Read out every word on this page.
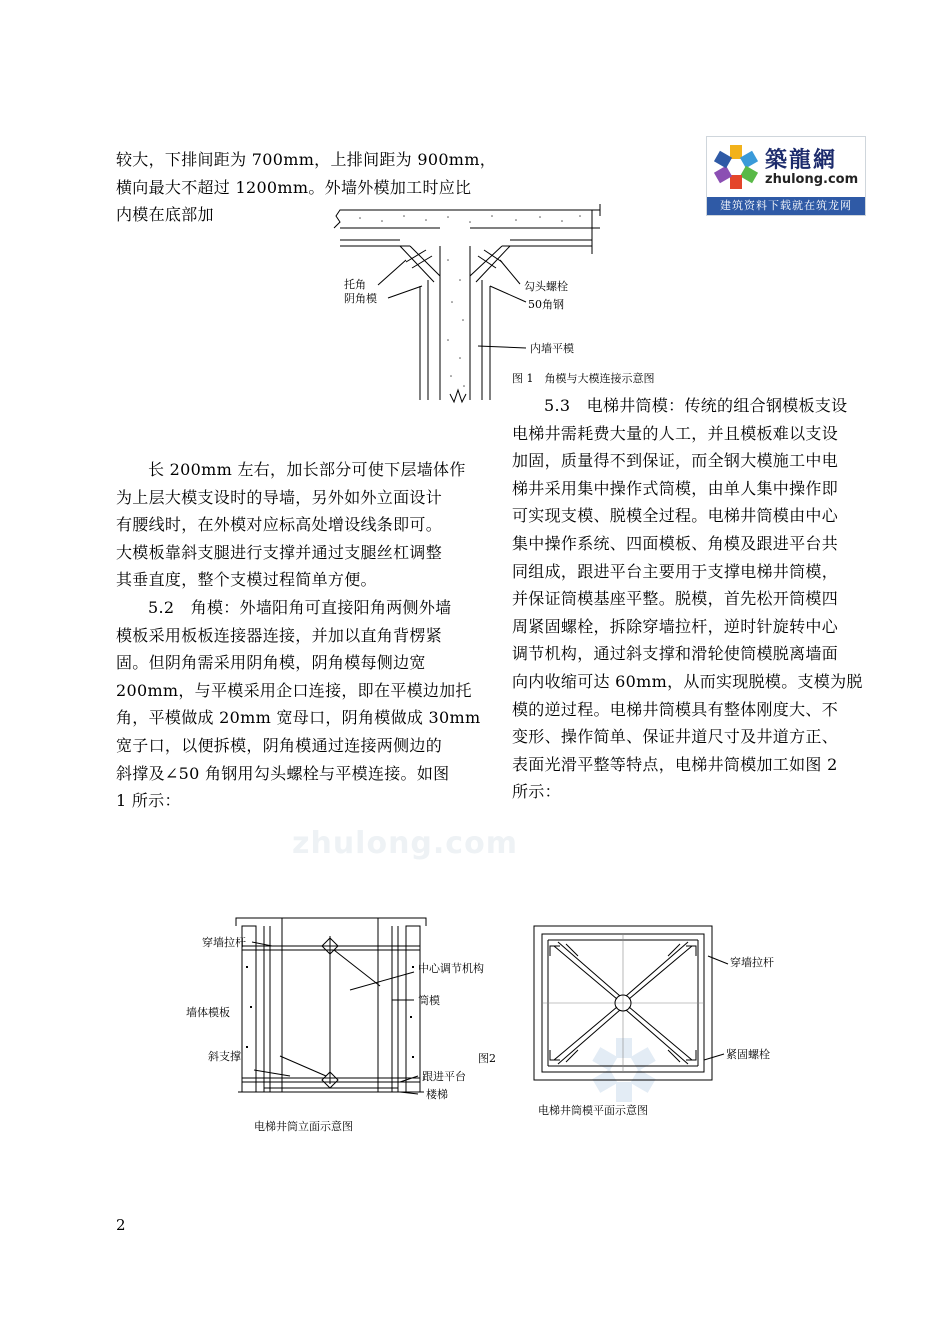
築龍網
zhulong.com
建筑资料下载就在筑龙网
zhulong.com
较大，下排间距为 700mm，上排间距为 900mm，
横向最大不超过 1200mm。外墙外模加工时应比
内模在底部加
托角
阴角模
勾头螺栓
50角钢
内墙平模
图 1　角模与大模连接示意图
长 200mm 左右，加长部分可使下层墙体作
为上层大模支设时的导墙，另外如外立面设计
有腰线时，在外模对应标高处增设线条即可。
大模板靠斜支腿进行支撑并通过支腿丝杠调整
其垂直度，整个支模过程简单方便。
5.2　角模：外墙阳角可直接阳角两侧外墙
模板采用板板连接器连接，并加以直角背楞紧
固。但阴角需采用阴角模，阴角模每侧边宽
200mm，与平模采用企口连接，即在平模边加托
角，平模做成 20mm 宽母口，阴角模做成 30mm
宽子口，以便拆模，阴角模通过连接两侧边的
斜撑及∠50 角钢用勾头螺栓与平模连接。如图
1 所示：
5.3　电梯井筒模：传统的组合钢模板支设
电梯井需耗费大量的人工，并且模板难以支设
加固，质量得不到保证，而全钢大模施工中电
梯井采用集中操作式筒模，由单人集中操作即
可实现支模、脱模全过程。电梯井筒模由中心
集中操作系统、四面模板、角模及跟进平台共
同组成，跟进平台主要用于支撑电梯井筒模，
并保证筒模基座平整。脱模，首先松开筒模四
周紧固螺栓，拆除穿墙拉杆，逆时针旋转中心
调节机构，通过斜支撑和滑轮使筒模脱离墙面
向内收缩可达 60mm，从而实现脱模。支模为脱
模的逆过程。电梯井筒模具有整体刚度大、不
变形、操作简单、保证井道尺寸及井道方正、
表面光滑平整等特点，电梯井筒模加工如图 2
所示：
穿墙拉杆
中心调节机构
筒模
墙体模板
斜支撑
跟进平台
楼梯
图2
电梯井筒立面示意图
穿墙拉杆
紧固螺栓
电梯井筒模平面示意图
2
